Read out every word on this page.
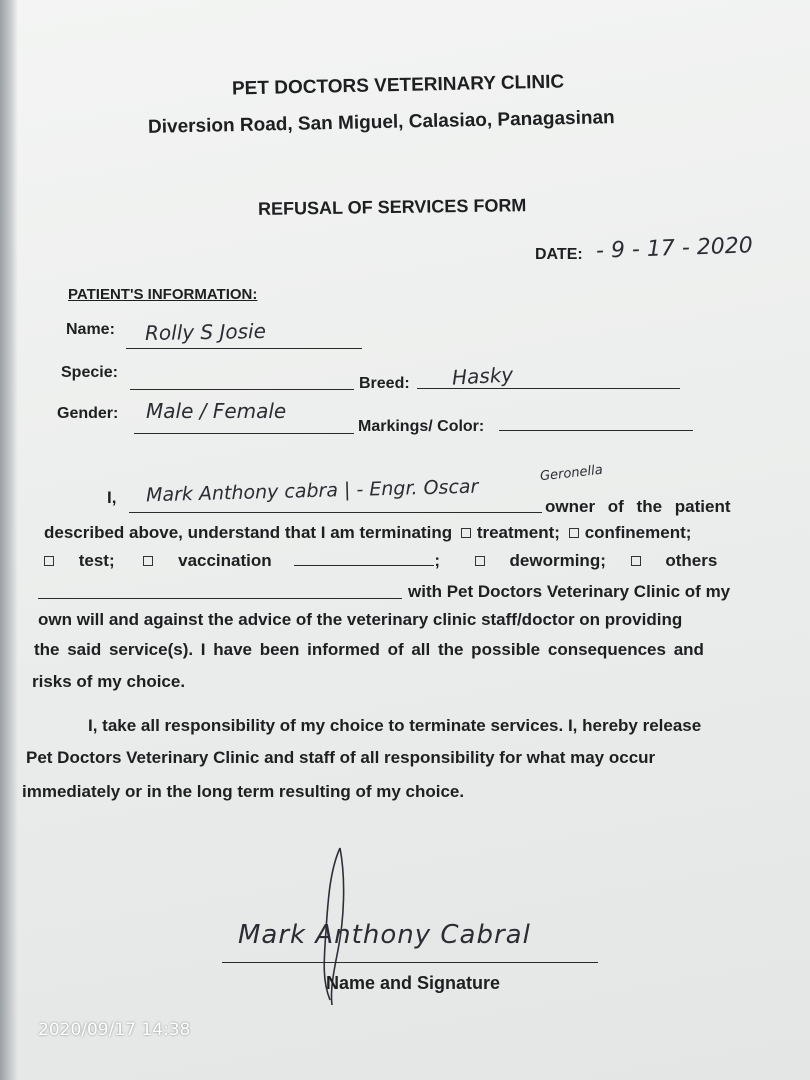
PET DOCTORS VETERINARY CLINIC
Diversion Road, San Miguel, Calasiao, Panagasinan
REFUSAL OF SERVICES FORM
DATE: - 9 - 17 - 2020
PATIENT'S INFORMATION:
Name: Rolly S Josie
Specie:
Breed: Hasky
Gender: Male / Female
Markings/ Color:
I, Mark Anthony cabra | - Engr. Oscar
Geronella
owner of the patient
described above, understand that I am terminating treatment; confinement;
test;	vaccination	;	deworming;	others
with Pet Doctors Veterinary Clinic of my
own will and against the advice of the veterinary clinic staff/doctor on providing
the said service(s). I have been informed of all the possible consequences and
risks of my choice.
I, take all responsibility of my choice to terminate services. I, hereby release
Pet Doctors Veterinary Clinic and staff of all responsibility for what may occur
immediately or in the long term resulting of my choice.
Mark Anthony Cabral
Name and Signature
2020/09/17 14:38
